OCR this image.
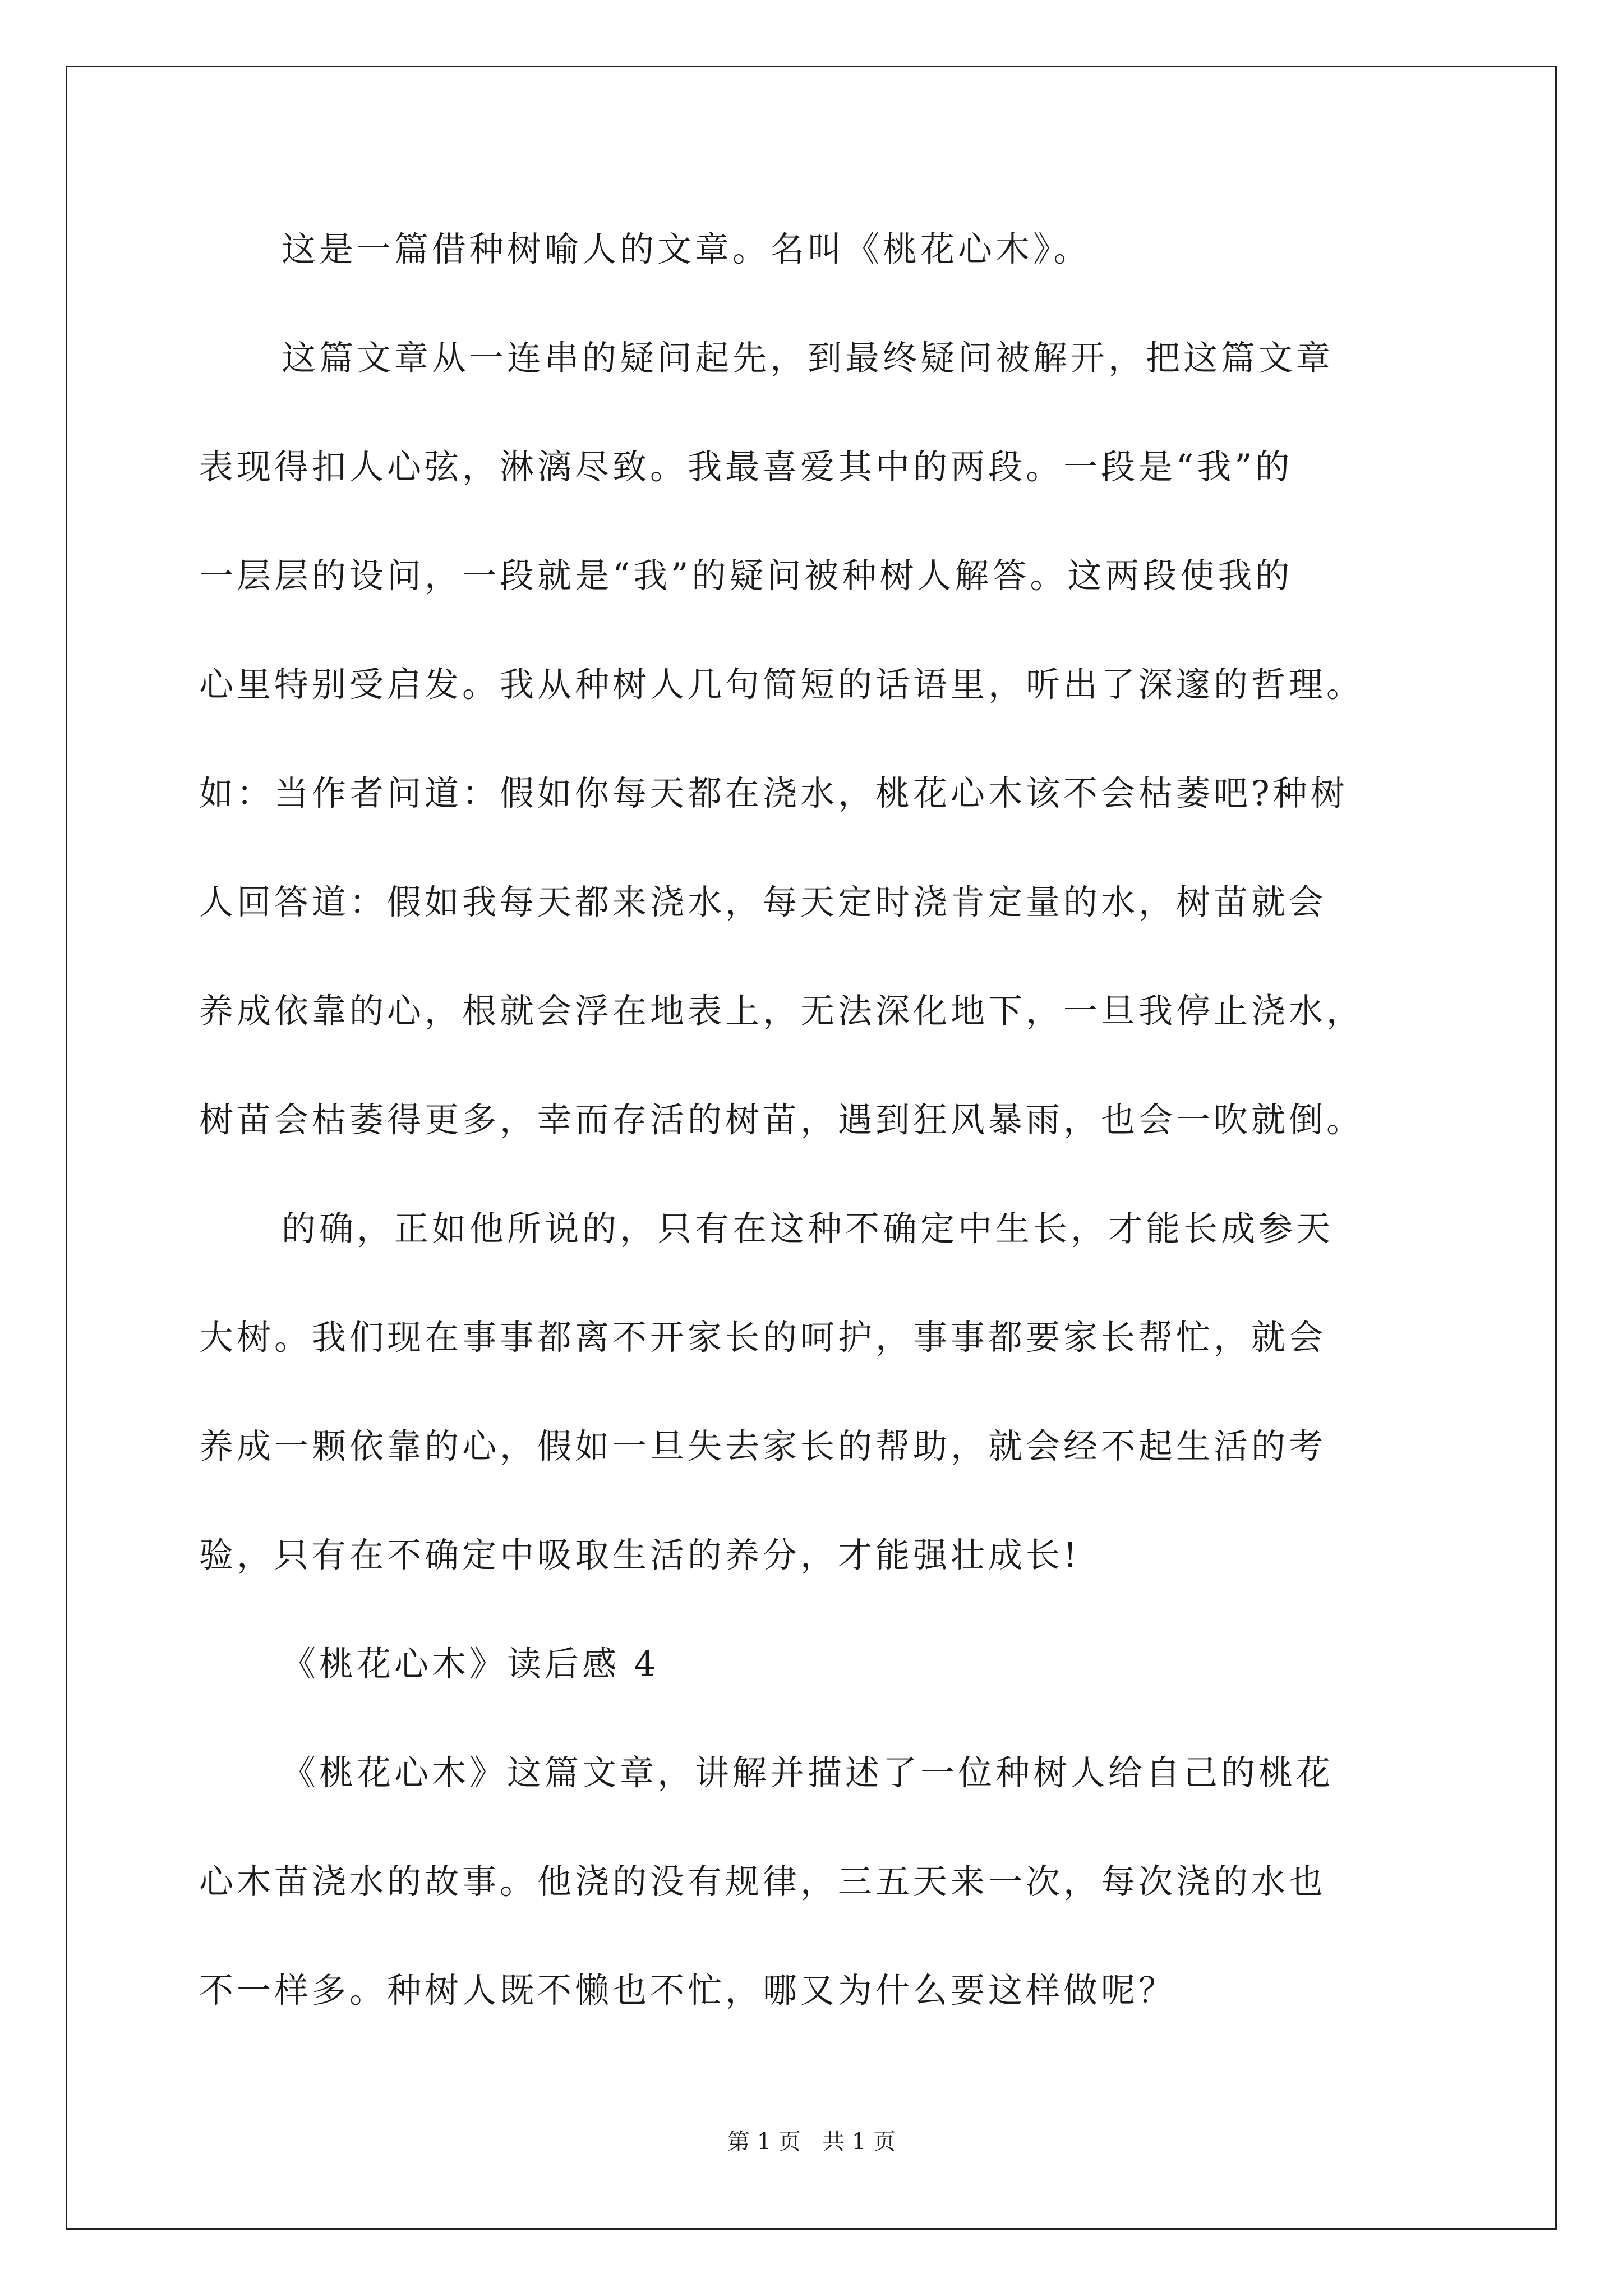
这是一篇借种树喻人的文章。名叫《桃花心木》。
这篇文章从一连串的疑问起先，到最终疑问被解开，把这篇文章
表现得扣人心弦，淋漓尽致。我最喜爱其中的两段。一段是“我”的
一层层的设问，一段就是“我”的疑问被种树人解答。这两段使我的
心里特别受启发。我从种树人几句简短的话语里，听出了深邃的哲理。
如：当作者问道：假如你每天都在浇水，桃花心木该不会枯萎吧?种树
人回答道：假如我每天都来浇水，每天定时浇肯定量的水，树苗就会
养成依靠的心，根就会浮在地表上，无法深化地下，一旦我停止浇水，
树苗会枯萎得更多，幸而存活的树苗，遇到狂风暴雨，也会一吹就倒。
的确，正如他所说的，只有在这种不确定中生长，才能长成参天
大树。我们现在事事都离不开家长的呵护，事事都要家长帮忙，就会
养成一颗依靠的心，假如一旦失去家长的帮助，就会经不起生活的考
验，只有在不确定中吸取生活的养分，才能强壮成长!
《桃花心木》读后感 4
《桃花心木》这篇文章，讲解并描述了一位种树人给自己的桃花
心木苗浇水的故事。他浇的没有规律，三五天来一次，每次浇的水也
不一样多。种树人既不懒也不忙，哪又为什么要这样做呢？
第 1 页   共 1 页
